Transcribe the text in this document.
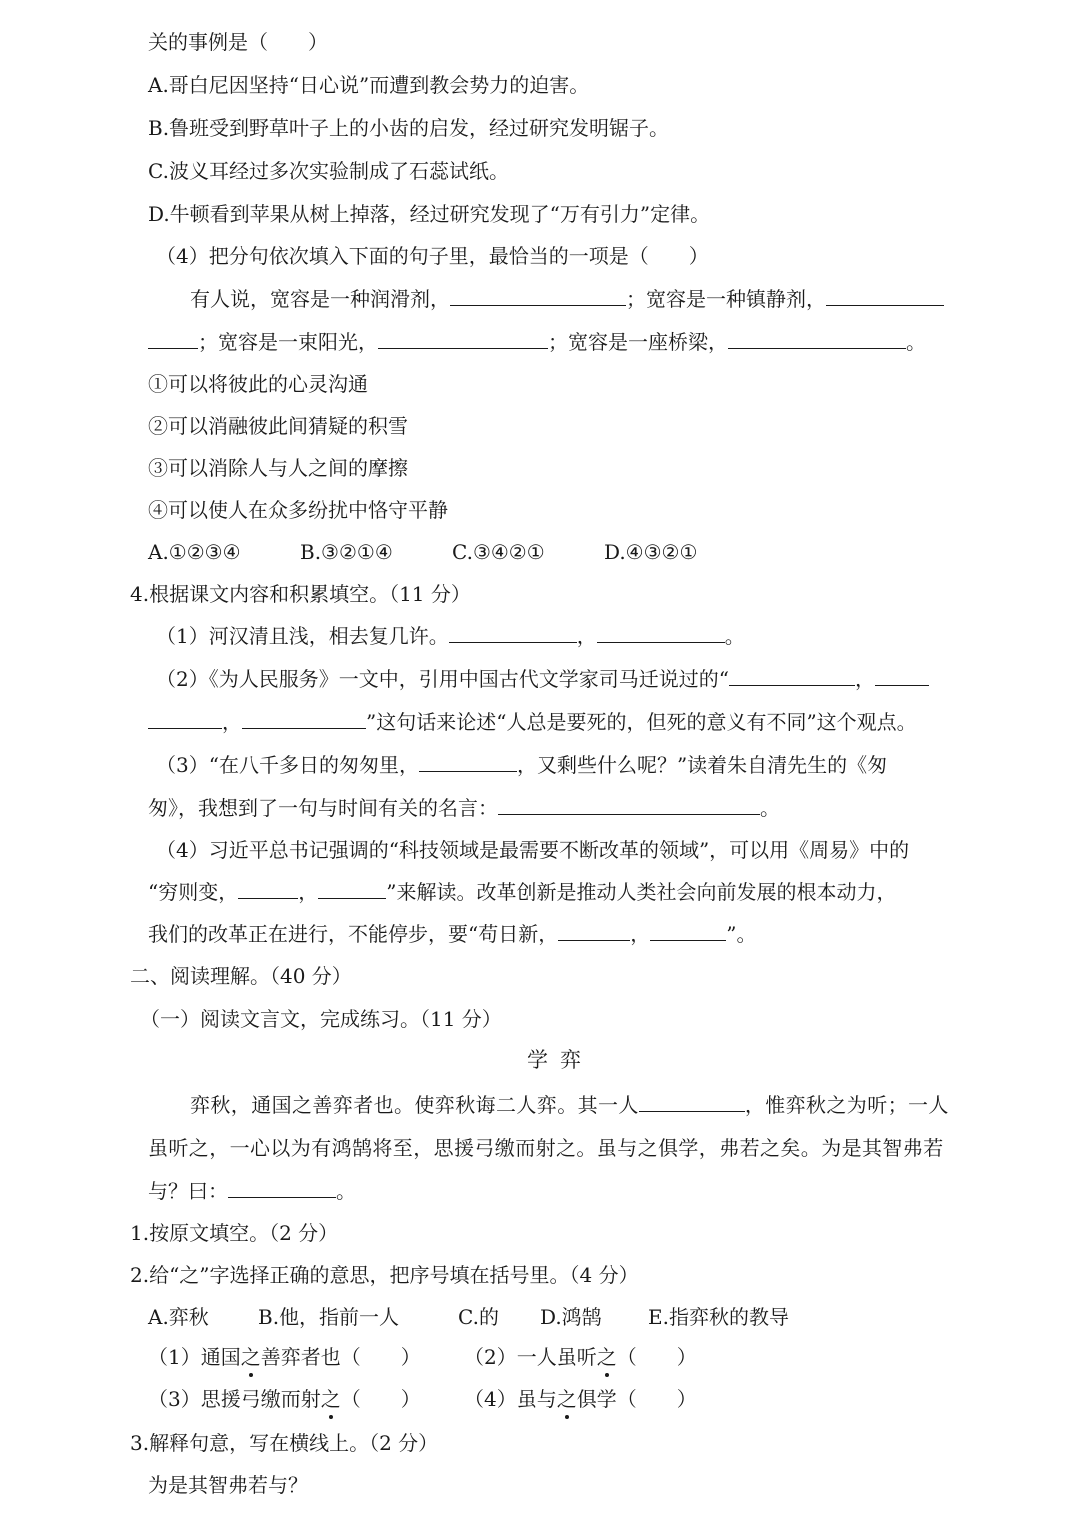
关的事例是（　　）
A.哥白尼因坚持“日心说”而遭到教会势力的迫害。
B.鲁班受到野草叶子上的小齿的启发，经过研究发明锯子。
C.波义耳经过多次实验制成了石蕊试纸。
D.牛顿看到苹果从树上掉落，经过研究发现了“万有引力”定律。
（4）把分句依次填入下面的句子里，最恰当的一项是（　　）
有人说，宽容是一种润滑剂，	；宽容是一种镇静剂，
；宽容是一束阳光，	；宽容是一座桥梁，	。
①可以将彼此的心灵沟通
②可以消融彼此间猜疑的积雪
③可以消除人与人之间的摩擦
④可以使人在众多纷扰中恪守平静
A.①②③④	B.③②①④	C.③④②①	D.④③②①
4.根据课文内容和积累填空。（11 分）
（1）河汉清且浅，相去复几许。	，	。
（2）《为人民服务》一文中，引用中国古代文学家司马迁说过的“	，
，	”这句话来论述“人总是要死的，但死的意义有不同”这个观点。
（3）“在八千多日的匆匆里，	，又剩些什么呢？”读着朱自清先生的《匆
匆》，我想到了一句与时间有关的名言：	。
（4）习近平总书记强调的“科技领域是最需要不断改革的领域”，可以用《周易》中的
“穷则变，	，	”来解读。改革创新是推动人类社会向前发展的根本动力，
我们的改革正在进行，不能停步，要“苟日新，	，	”。
二、阅读理解。（40 分）
（一）阅读文言文，完成练习。（11 分）
学弈
弈秋，通国之善弈者也。使弈秋诲二人弈。其一人	，惟弈秋之为听；一人
虽听之，一心以为有鸿鹄将至，思援弓缴而射之。虽与之俱学，弗若之矣。为是其智弗若
与？曰：	。
1.按原文填空。（2 分）
2.给“之”字选择正确的意思，把序号填在括号里。（4 分）
A.弈秋 B.他，指前一人	C.的 D.鸿鹄 E.指弈秋的教导
（1）通国之善弈者也（　　） （2）一人虽听之（　　）
（3）思援弓缴而射之（　　） （4）虽与之俱学（　　）
3.解释句意，写在横线上。（2 分）
为是其智弗若与？
